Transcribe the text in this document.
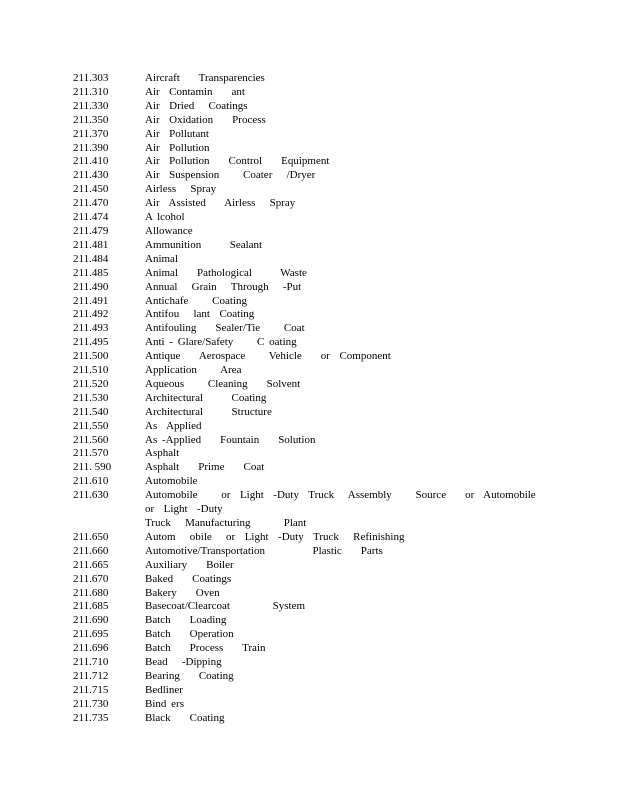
211.303	Aircraft    Transparencies
211.310	Air  Contamin    ant
211.330	Air  Dried   Coatings
211.350	Air  Oxidation    Process
211.370	Air  Pollutant
211.390	Air  Pollution
211.410	Air  Pollution    Control    Equipment
211.430	Air  Suspension     Coater   /Dryer
211.450	Airless   Spray
211.470	Air  Assisted    Airless   Spray
211.474	A lcohol
211.479	Allowance
211.481	Ammunition      Sealant
211.484	Animal
211.485	Animal    Pathological      Waste
211.490	Annual   Grain   Through   -Put
211.491	Antichafe     Coating
211.492	Antifou   lant  Coating
211.493	Antifouling    Sealer/Tie     Coat
211.495	Anti - Glare/Safety     C oating
211.500	Antique    Aerospace     Vehicle    or  Component
211.510	Application     Area
211.520	Aqueous     Cleaning    Solvent
211.530	Architectural      Coating
211.540	Architectural      Structure
211.550	As  Applied
211.560	As -Applied    Fountain    Solution
211.570	Asphalt
211. 590	Asphalt    Prime    Coat
211.610	Automobile
211.630	Automobile     or  Light  -Duty  Truck   Assembly     Source    or  Automobile     or  Light  -Duty
Truck   Manufacturing       Plant
211.650	Autom   obile   or  Light  -Duty  Truck   Refinishing
211.660	Automotive/Transportation          Plastic    Parts
211.665	Auxiliary    Boiler
211.670	Baked    Coatings
211.680	Bakery    Oven
211.685	Basecoat/Clearcoat         System
211.690	Batch    Loading
211.695	Batch    Operation
211.696	Batch    Process    Train
211.710	Bead   -Dipping
211.712	Bearing    Coating
211.715	Bedliner
211.730	Bind ers
211.735	Black    Coating
